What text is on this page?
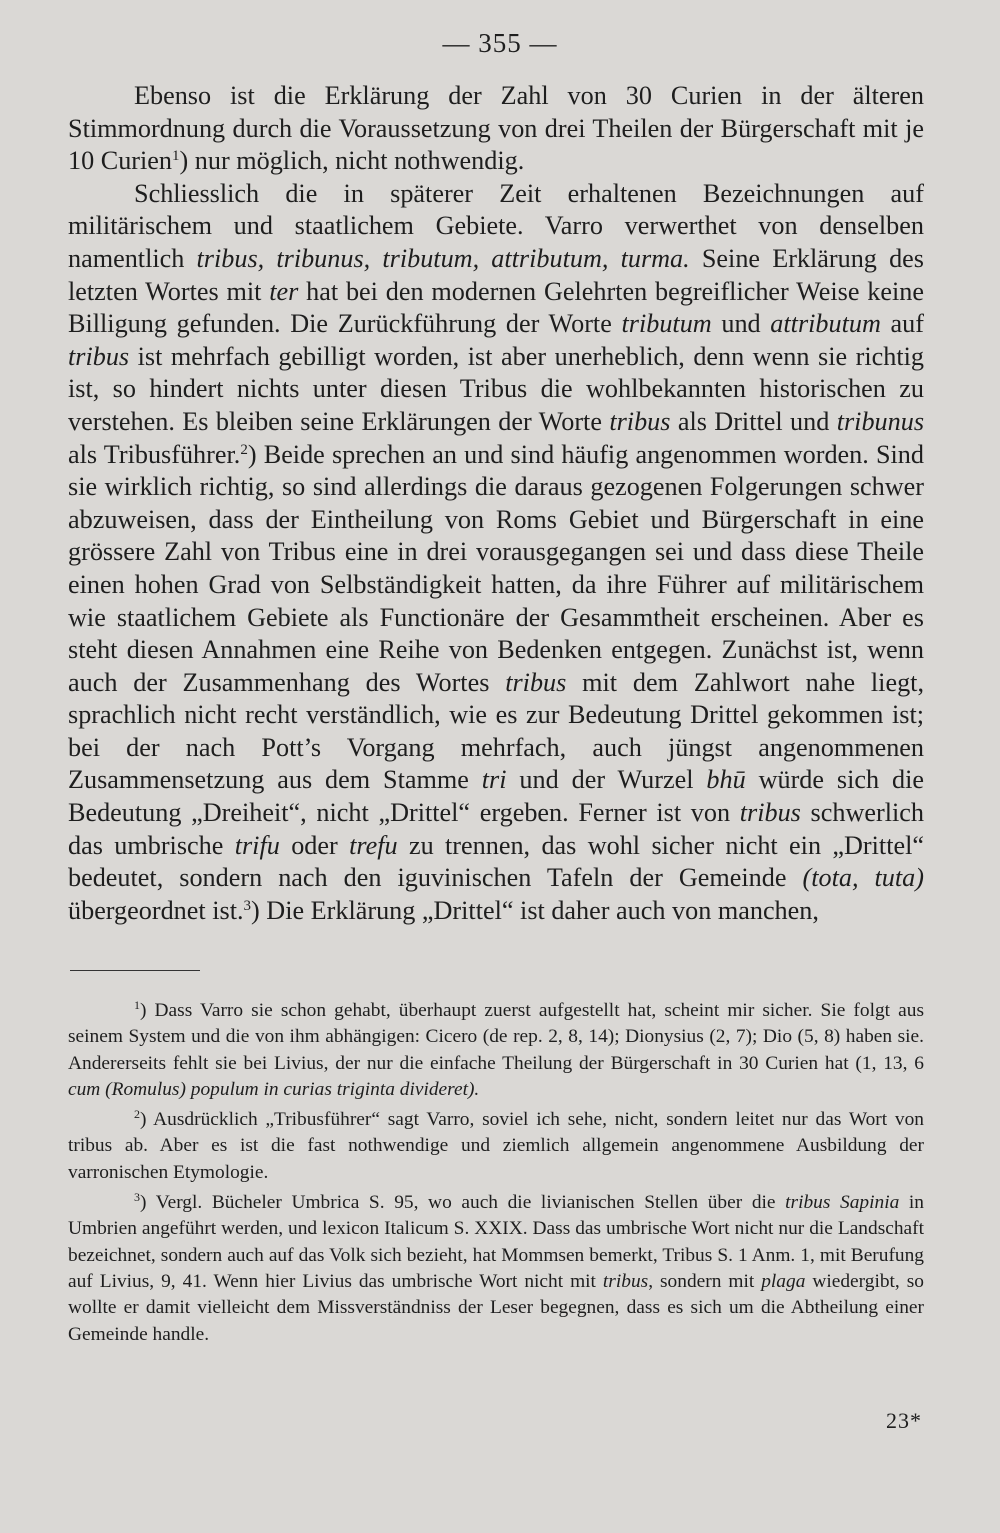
— 355 —

Ebenso ist die Erklärung der Zahl von 30 Curien in der älteren Stimmordnung durch die Voraussetzung von drei Theilen der Bürgerschaft mit je 10 Curien$^1$) nur möglich, nicht nothwendig.

Schliesslich die in späterer Zeit erhaltenen Bezeichnungen auf militärischem und staatlichem Gebiete. Varro verwerthet von denselben namentlich tribus, tribunus, tributum, attributum, turma. Seine Erklärung des letzten Wortes mit ter hat bei den modernen Gelehrten begreiflicher Weise keine Billigung gefunden. Die Zurückführung der Worte tributum und attributum auf tribus ist mehrfach gebilligt worden, ist aber unerheblich, denn wenn sie richtig ist, so hindert nichts unter diesen Tribus die wohlbekannten historischen zu verstehen. Es bleiben seine Erklärungen der Worte tribus als Drittel und tribunus als Tribusführer.$^2$) Beide sprechen an und sind häufig angenommen worden. Sind sie wirklich richtig, so sind allerdings die daraus gezogenen Folgerungen schwer abzuweisen, dass der Eintheilung von Roms Gebiet und Bürgerschaft in eine grössere Zahl von Tribus eine in drei vorausgegangen sei und dass diese Theile einen hohen Grad von Selbständigkeit hatten, da ihre Führer auf militärischem wie staatlichem Gebiete als Functionäre der Gesammtheit erscheinen. Aber es steht diesen Annahmen eine Reihe von Bedenken entgegen. Zunächst ist, wenn auch der Zusammenhang des Wortes tribus mit dem Zahlwort nahe liegt, sprachlich nicht recht verständlich, wie es zur Bedeutung Drittel gekommen ist; bei der nach Pott’s Vorgang mehrfach, auch jüngst angenommenen Zusammensetzung aus dem Stamme tri und der Wurzel bhū würde sich die Bedeutung „Dreiheit“, nicht „Drittel“ ergeben. Ferner ist von tribus schwerlich das umbrische trifu oder trefu zu trennen, das wohl sicher nicht ein „Drittel“ bedeutet, sondern nach den iguvinischen Tafeln der Gemeinde (tota, tuta) übergeordnet ist.$^3$) Die Erklärung „Drittel“ ist daher auch von manchen,

$^1$) Dass Varro sie schon gehabt, überhaupt zuerst aufgestellt hat, scheint mir sicher. Sie folgt aus seinem System und die von ihm abhängigen: Cicero (de rep. 2, 8, 14); Dionysius (2, 7); Dio (5, 8) haben sie. Andererseits fehlt sie bei Livius, der nur die einfache Theilung der Bürgerschaft in 30 Curien hat (1, 13, 6 cum (Romulus) populum in curias triginta divideret).

$^2$) Ausdrücklich „Tribusführer“ sagt Varro, soviel ich sehe, nicht, sondern leitet nur das Wort von tribus ab. Aber es ist die fast nothwendige und ziemlich allgemein angenommene Ausbildung der varronischen Etymologie.

$^3$) Vergl. Bücheler Umbrica S. 95, wo auch die livianischen Stellen über die tribus Sapinia in Umbrien angeführt werden, und lexicon Italicum S. XXIX. Dass das umbrische Wort nicht nur die Landschaft bezeichnet, sondern auch auf das Volk sich bezieht, hat Mommsen bemerkt, Tribus S. 1 Anm. 1, mit Berufung auf Livius, 9, 41. Wenn hier Livius das umbrische Wort nicht mit tribus, sondern mit plaga wiedergibt, so wollte er damit vielleicht dem Missverständniss der Leser begegnen, dass es sich um die Abtheilung einer Gemeinde handle.

23*
